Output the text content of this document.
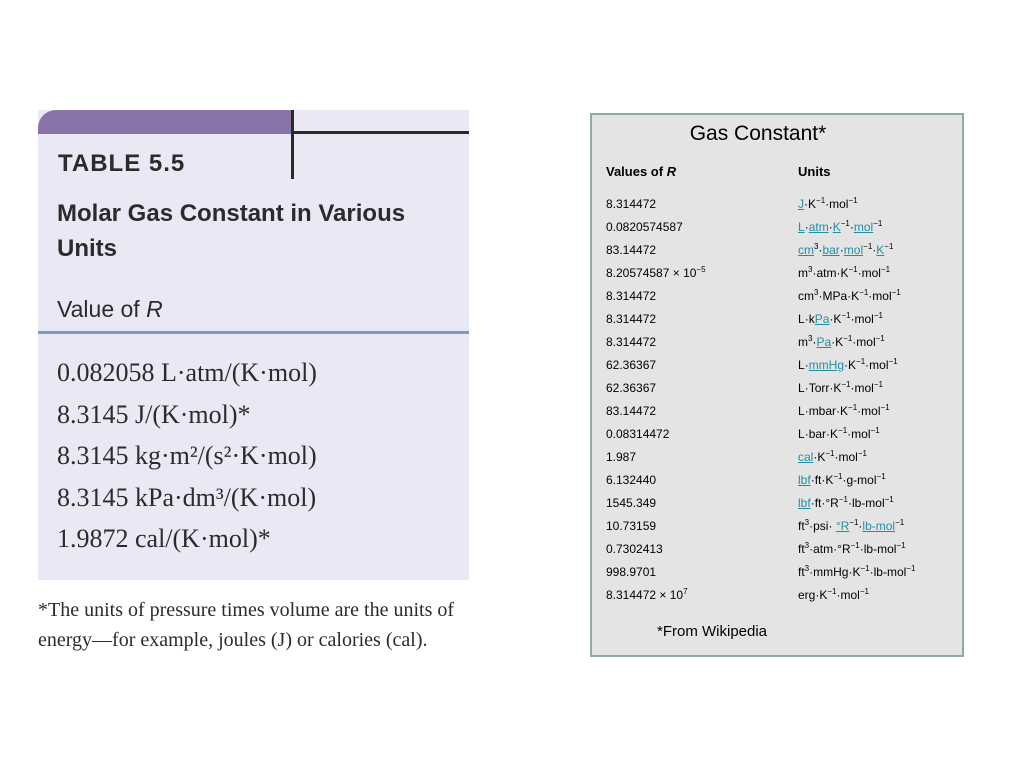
TABLE 5.5
Molar Gas Constant in Various Units
Value of R
0.082058 L·atm/(K·mol)
8.3145 J/(K·mol)*
8.3145 kg·m²/(s²·K·mol)
8.3145 kPa·dm³/(K·mol)
1.9872 cal/(K·mol)*
*The units of pressure times volume are the units of energy—for example, joules (J) or calories (cal).
Gas Constant*
Values of R	Units
8.314472	$J\cdot K^{-1}\cdot mol^{-1}$
0.0820574587	$L\cdot atm\cdot K^{-1}\cdot mol^{-1}$
83.14472	$cm^3\cdot bar\cdot mol^{-1}\cdot K^{-1}$
$8.20574587 \times 10^{-5}$	$m^3\cdot atm\cdot K^{-1}\cdot mol^{-1}$
8.314472	$cm^3\cdot MPa\cdot K^{-1}\cdot mol^{-1}$
8.314472	$L\cdot kPa\cdot K^{-1}\cdot mol^{-1}$
8.314472	$m^3\cdot Pa\cdot K^{-1}\cdot mol^{-1}$
62.36367	$L\cdot mmHg\cdot K^{-1}\cdot mol^{-1}$
62.36367	$L\cdot Torr\cdot K^{-1}\cdot mol^{-1}$
83.14472	$L\cdot mbar\cdot K^{-1}\cdot mol^{-1}$
0.08314472	$L\cdot bar\cdot K^{-1}\cdot mol^{-1}$
1.987	$cal\cdot K^{-1}\cdot mol^{-1}$
6.132440	$lbf\cdot ft\cdot K^{-1}\cdot g-mol^{-1}$
1545.349	$lbf\cdot ft\cdot^\circ R^{-1}\cdot lb-mol^{-1}$
10.73159	$ft^3\cdot psi\cdot ^\circ R^{-1}\cdot lb-mol^{-1}$
0.7302413	$ft^3\cdot atm\cdot^\circ R^{-1}\cdot lb-mol^{-1}$
998.9701	$ft^3\cdot mmHg\cdot K^{-1}\cdot lb-mol^{-1}$
$8.314472 \times 10^7$	$erg\cdot K^{-1}\cdot mol^{-1}$
*From Wikipedia
